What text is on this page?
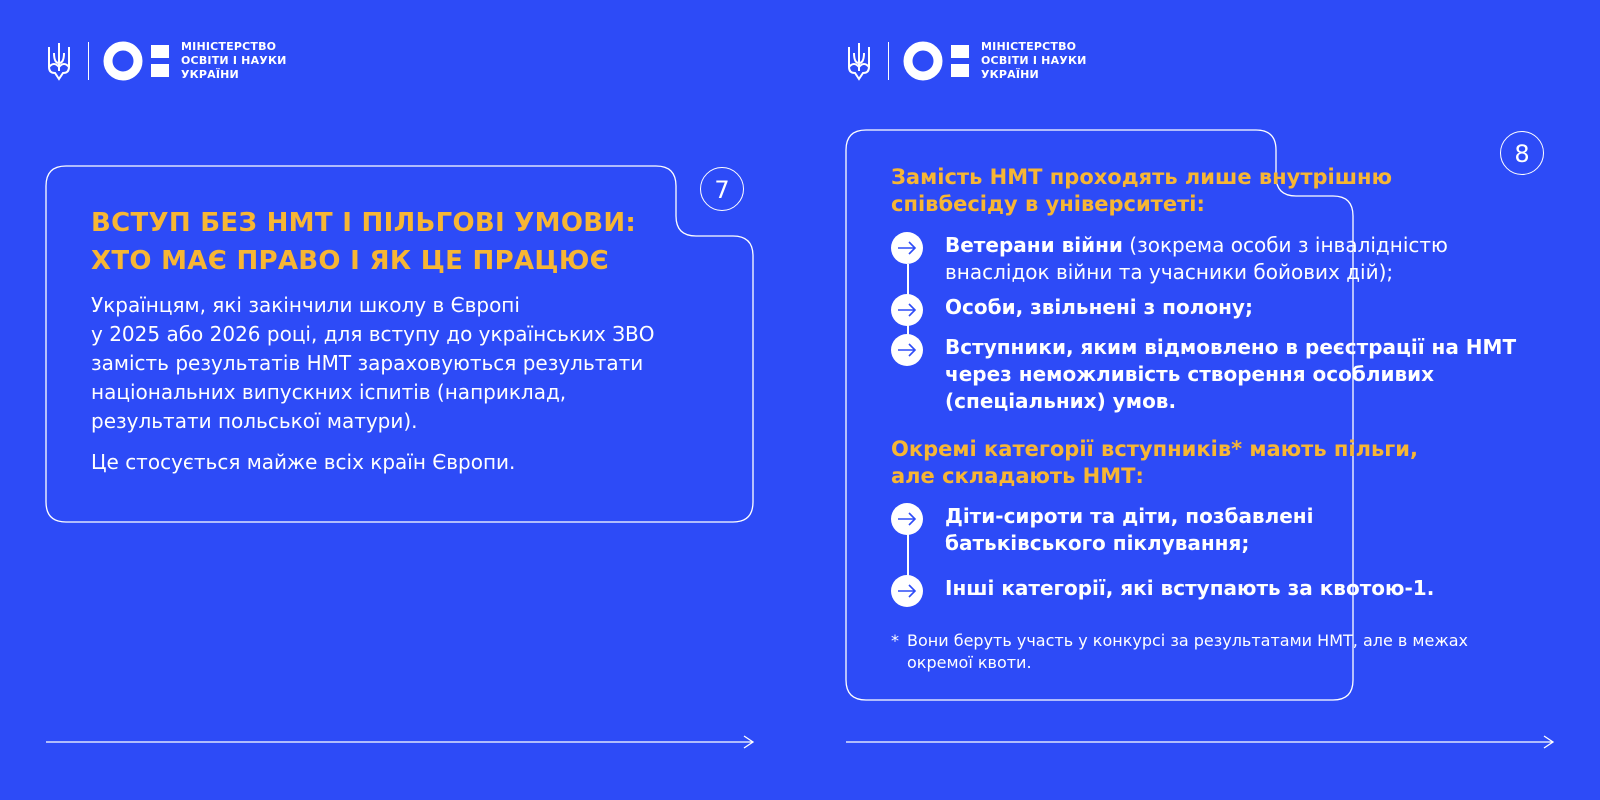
МІНІСТЕРСТВО
ОСВІТИ І НАУКИ
УКРАЇНИ
7
ВСТУП БЕЗ НМТ І ПІЛЬГОВІ УМОВИ:
ХТО МАЄ ПРАВО І ЯК ЦЕ ПРАЦЮЄ

Українцям, які закінчили школу в Європі
у 2025 або 2026 році, для вступу до українських ЗВО
замість результатів НМТ зараховуються результати
національних випускних іспитів (наприклад,
результати польської матури).

Це стосується майже всіх країн Європи.

МІНІСТЕРСТВО
ОСВІТИ І НАУКИ
УКРАЇНИ
8
Замість НМТ проходять лише внутрішню
співбесіду в університеті:
Ветерани війни (зокрема особи з інвалідністю
внаслідок війни та учасники бойових дій);
Особи, звільнені з полону;
Вступники, яким відмовлено в реєстрації на НМТ
через неможливість створення особливих
(спеціальних) умов.
Окремі категорії вступників* мають пільги,
але складають НМТ:
Діти-сироти та діти, позбавлені
батьківського піклування;
Інші категорії, які вступають за квотою-1.
* Вони беруть участь у конкурсі за результатами НМТ, але в межах
окремої квоти.
